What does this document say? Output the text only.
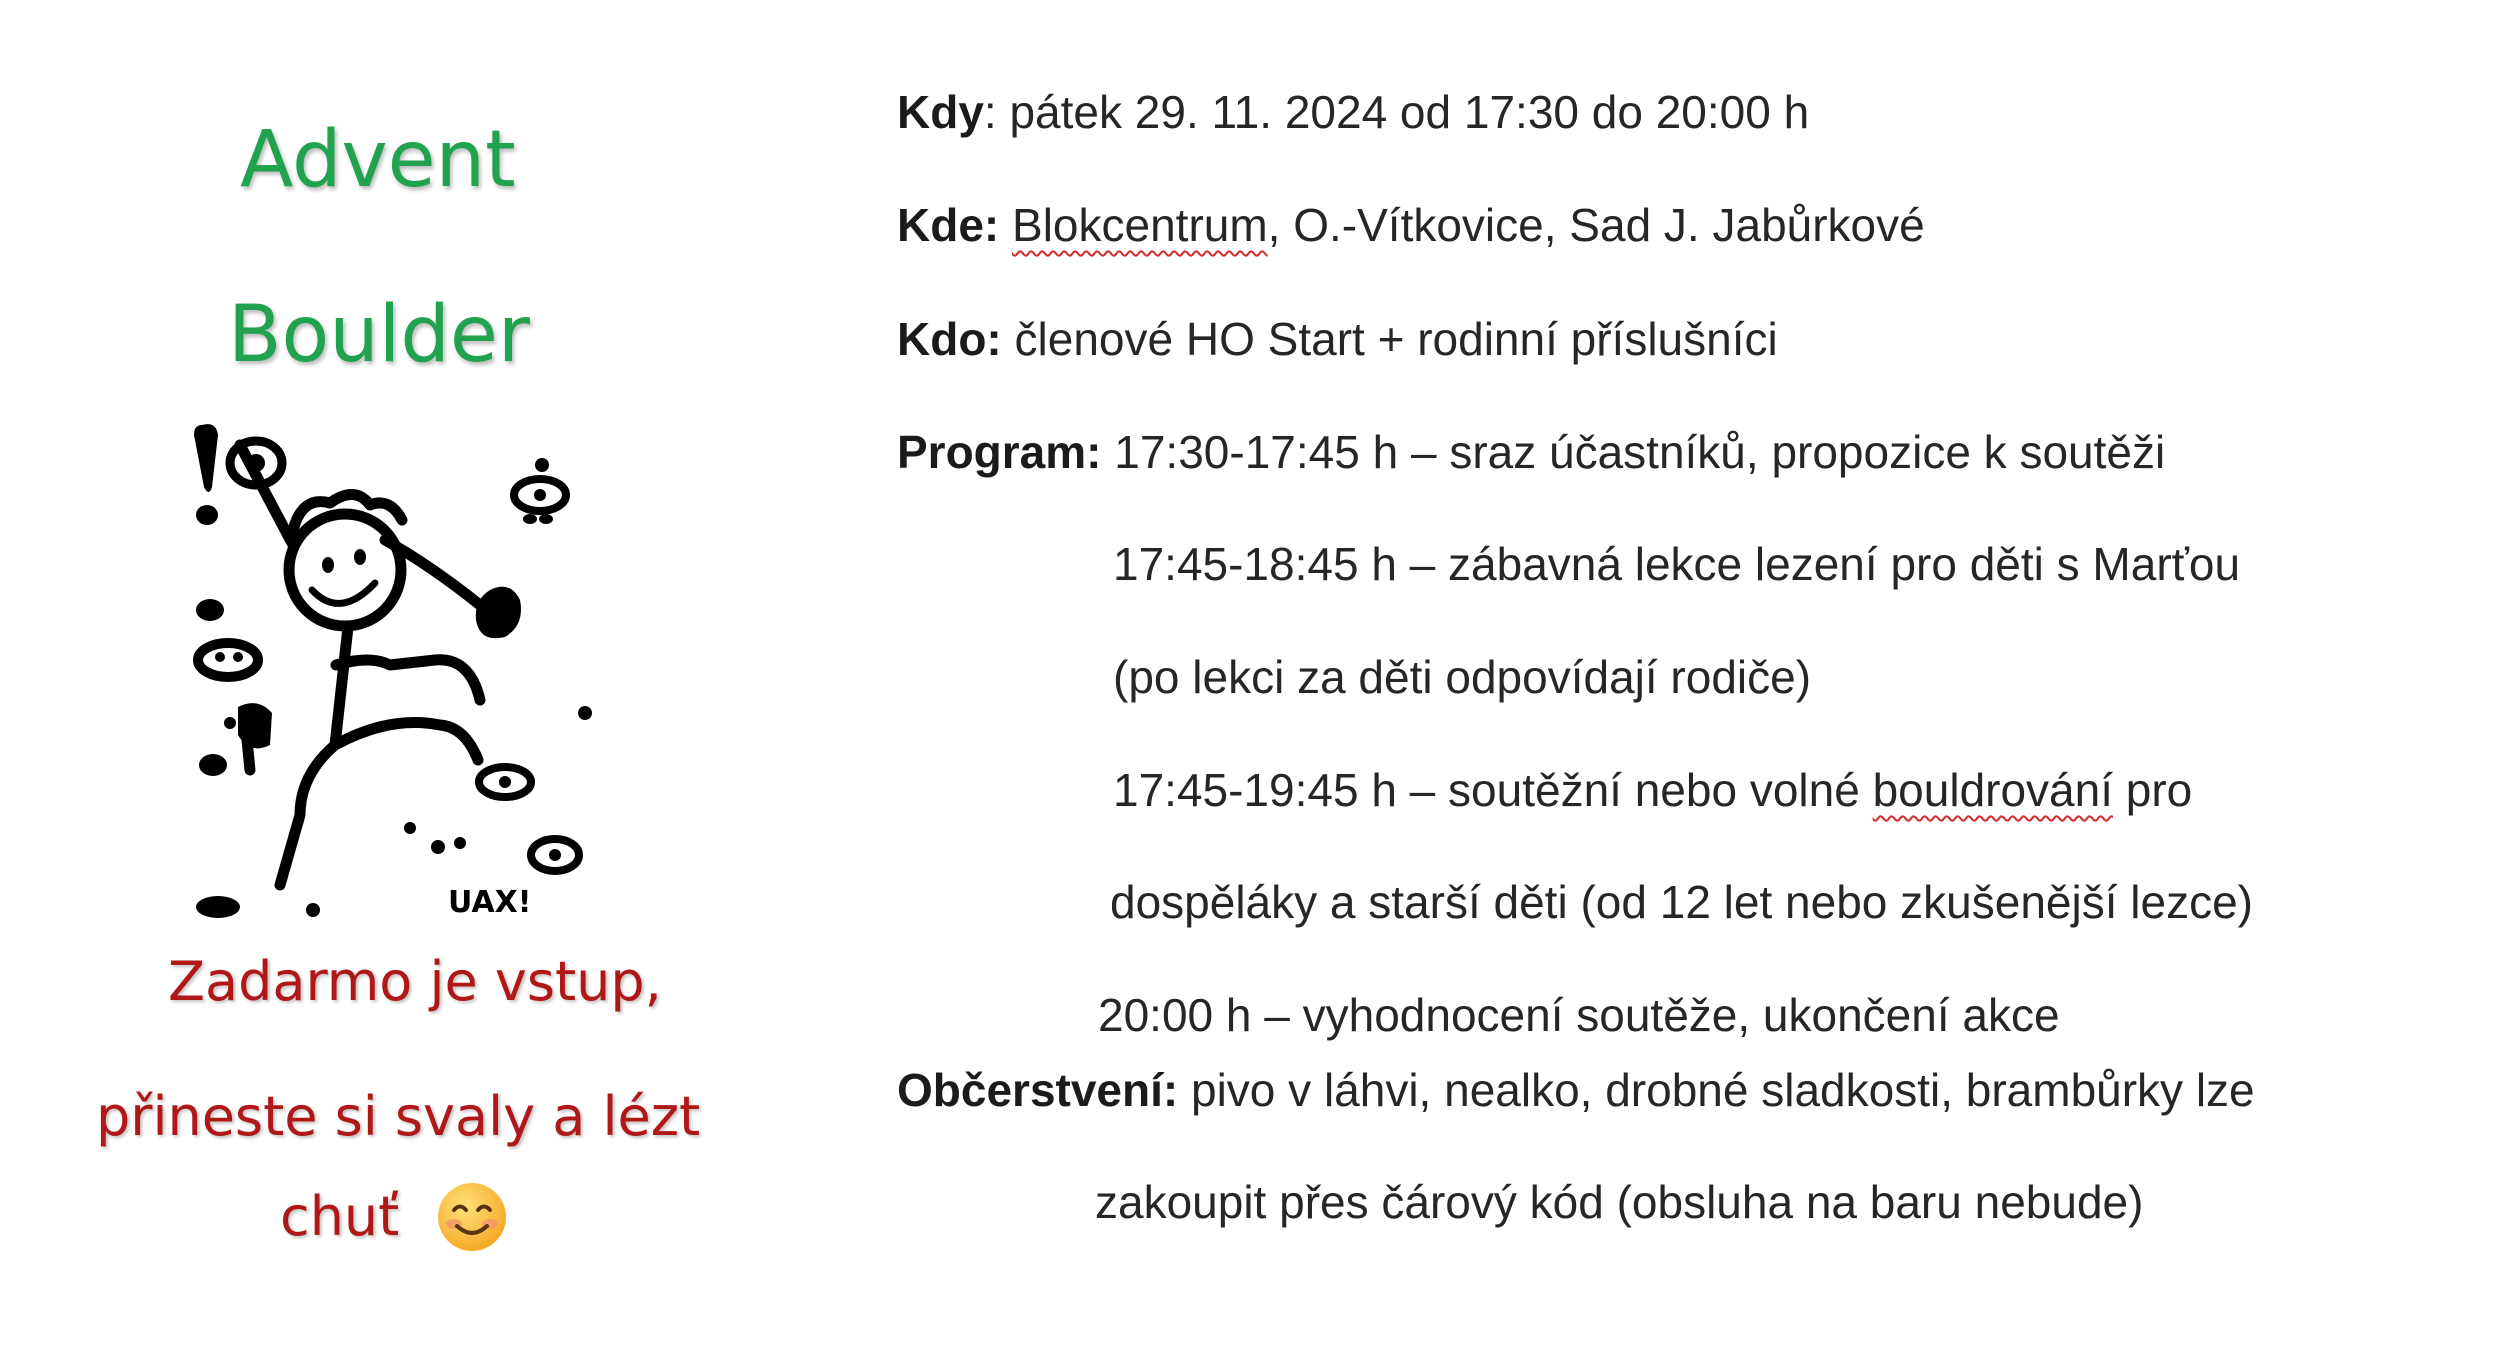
Advent
Boulder
UAX!
Zadarmo je vstup,
přineste si svaly a lézt
chuť
Kdy: pátek 29. 11. 2024 od 17:30 do 20:00 h
Kde: Blokcentrum, O.-Vítkovice, Sad J. Jabůrkové
Kdo: členové HO Start + rodinní příslušníci
Program: 17:30-17:45 h – sraz účastníků, propozice k soutěži
17:45-18:45 h – zábavná lekce lezení pro děti s Marťou
(po lekci za děti odpovídají rodiče)
17:45-19:45 h – soutěžní nebo volné bouldrování pro
dospěláky a starší děti (od 12 let nebo zkušenější lezce)
20:00 h – vyhodnocení soutěže, ukončení akce
Občerstvení: pivo v láhvi, nealko, drobné sladkosti, brambůrky lze
zakoupit přes čárový kód (obsluha na baru nebude)
